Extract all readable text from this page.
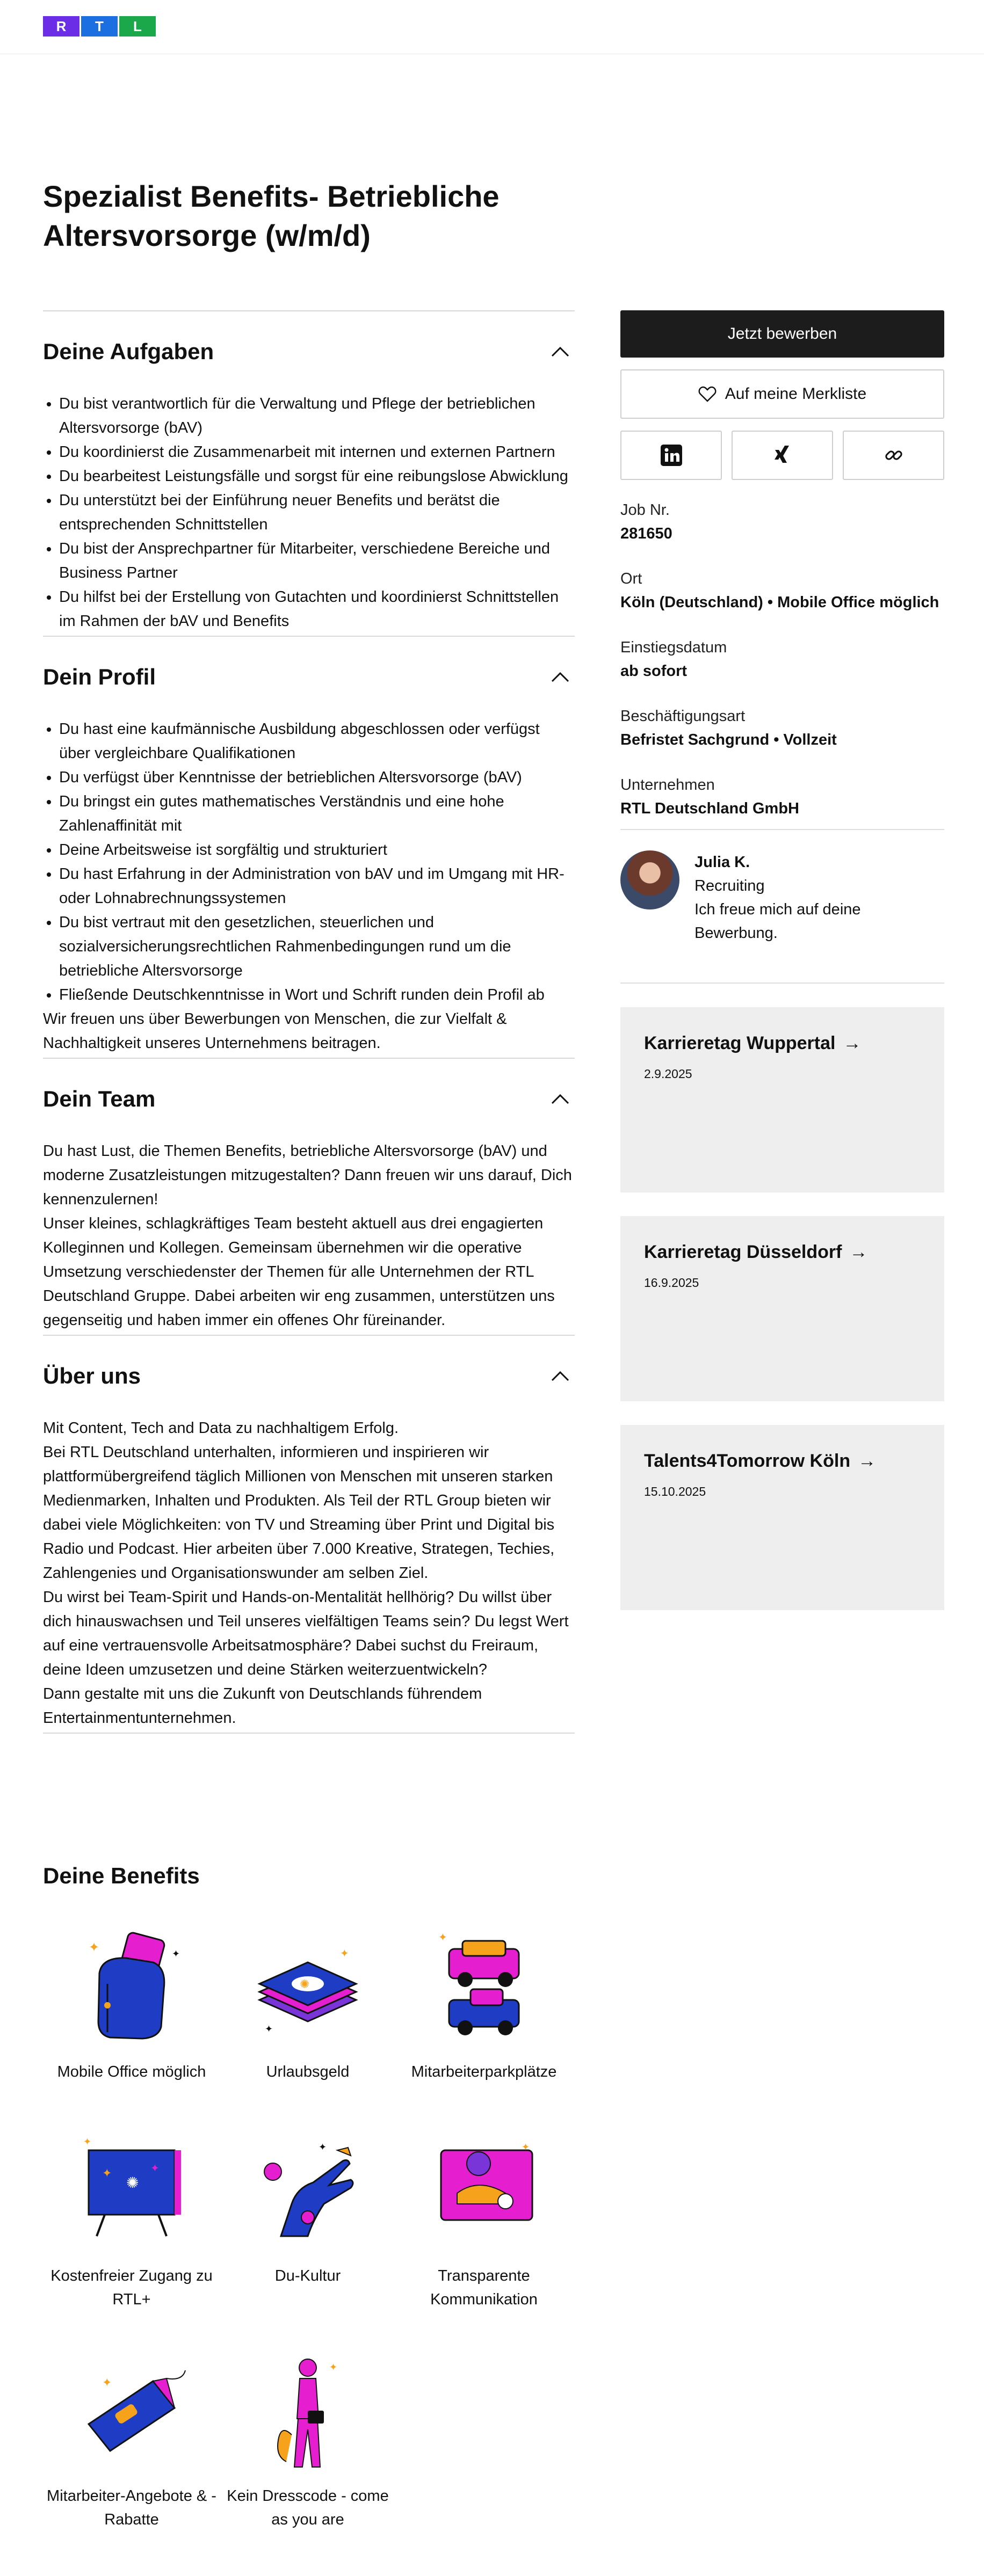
R	T	L
Spezialist Benefits- Betriebliche Altersvorsorge (w/m/d)
Deine Aufgaben
• Du bist verantwortlich für die Verwaltung und Pflege der betrieblichen Altersvorsorge (bAV)
• Du koordinierst die Zusammenarbeit mit internen und externen Partnern
• Du bearbeitest Leistungsfälle und sorgst für eine reibungslose Abwicklung
• Du unterstützt bei der Einführung neuer Benefits und berätst die entsprechenden Schnittstellen
• Du bist der Ansprechpartner für Mitarbeiter, verschiedene Bereiche und Business Partner
• Du hilfst bei der Erstellung von Gutachten und koordinierst Schnittstellen im Rahmen der bAV und Benefits
Dein Profil
• Du hast eine kaufmännische Ausbildung abgeschlossen oder verfügst über vergleichbare Qualifikationen
• Du verfügst über Kenntnisse der betrieblichen Altersvorsorge (bAV)
• Du bringst ein gutes mathematisches Verständnis und eine hohe Zahlenaffinität mit
• Deine Arbeitsweise ist sorgfältig und strukturiert
• Du hast Erfahrung in der Administration von bAV und im Umgang mit HR- oder Lohnabrechnungssystemen
• Du bist vertraut mit den gesetzlichen, steuerlichen und sozialversicherungsrechtlichen Rahmenbedingungen rund um die betriebliche Altersvorsorge
• Fließende Deutschkenntnisse in Wort und Schrift runden dein Profil ab

Wir freuen uns über Bewerbungen von Menschen, die zur Vielfalt & Nachhaltigkeit unseres Unternehmens beitragen.

Dein Team

Du hast Lust, die Themen Benefits, betriebliche Altersvorsorge (bAV) und moderne Zusatzleistungen mitzugestalten? Dann freuen wir uns darauf, Dich kennenzulernen!

Unser kleines, schlagkräftiges Team besteht aktuell aus drei engagierten Kolleginnen und Kollegen. Gemeinsam übernehmen wir die operative Umsetzung verschiedenster der Themen für alle Unternehmen der RTL Deutschland Gruppe. Dabei arbeiten wir eng zusammen, unterstützen uns gegenseitig und haben immer ein offenes Ohr füreinander.

Über uns

Mit Content, Tech and Data zu nachhaltigem Erfolg.

Bei RTL Deutschland unterhalten, informieren und inspirieren wir plattformübergreifend täglich Millionen von Menschen mit unseren starken Medienmarken, Inhalten und Produkten. Als Teil der RTL Group bieten wir dabei viele Möglichkeiten: von TV und Streaming über Print und Digital bis Radio und Podcast. Hier arbeiten über 7.000 Kreative, Strategen, Techies, Zahlengenies und Organisationswunder am selben Ziel.

Du wirst bei Team-Spirit und Hands-on-Mentalität hellhörig? Du willst über dich hinauswachsen und Teil unseres vielfältigen Teams sein? Du legst Wert auf eine vertrauensvolle Arbeitsatmosphäre? Dabei suchst du Freiraum, deine Ideen umzusetzen und deine Stärken weiterzuentwickeln?

Dann gestalte mit uns die Zukunft von Deutschlands führendem Entertainmentunternehmen.

Jetzt bewerben
Auf meine Merkliste
Job Nr.
281650
Ort
Köln (Deutschland) • Mobile Office möglich
Einstiegsdatum
ab sofort
Beschäftigungsart
Befristet Sachgrund • Vollzeit
Unternehmen
RTL Deutschland GmbH
Julia K.
Recruiting
Ich freue mich auf deine Bewerbung.
Karrieretag Wuppertal →
2.9.2025
Karrieretag Düsseldorf →
16.9.2025
Talents4Tomorrow Köln →
15.10.2025
Deine Benefits
✦	✦
Mobile Office möglich
✺
✦
✦
Urlaubsgeld
✦
Mitarbeiterparkplätze
✦
✺
✦
✦
Kostenfreier Zugang zu RTL+
✦
Du-Kultur
✦
Transparente Kommunikation
✦
Mitarbeiter-Angebote & -Rabatte
✦
Kein Dresscode - come as you are
